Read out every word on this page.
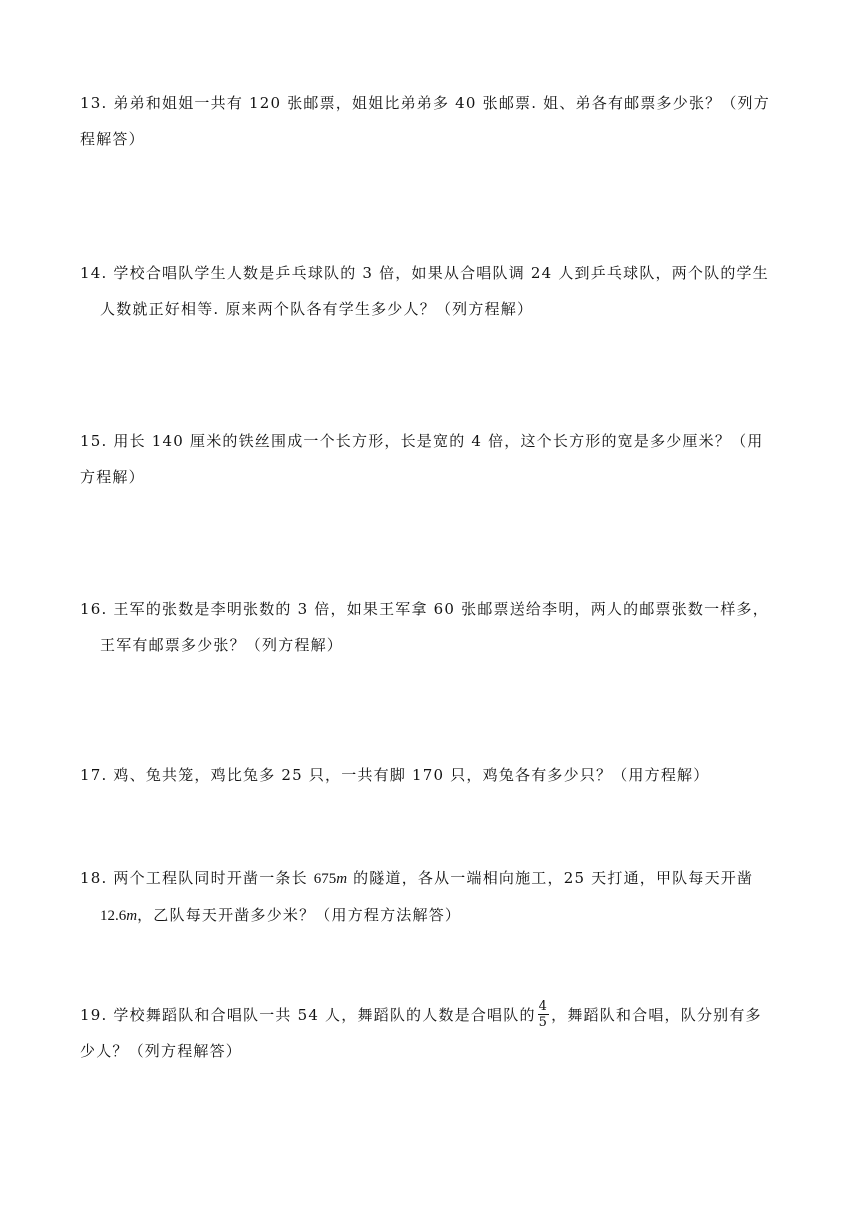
13. 弟弟和姐姐一共有 120 张邮票，姐姐比弟弟多 40 张邮票. 姐、弟各有邮票多少张？（列方
程解答）
14. 学校合唱队学生人数是乒乓球队的 3 倍，如果从合唱队调 24 人到乒乓球队，两个队的学生
人数就正好相等. 原来两个队各有学生多少人？（列方程解）
15. 用长 140 厘米的铁丝围成一个长方形，长是宽的 4 倍，这个长方形的宽是多少厘米？（用
方程解）
16. 王军的张数是李明张数的 3 倍，如果王军拿 60 张邮票送给李明，两人的邮票张数一样多，
王军有邮票多少张？（列方程解）
17. 鸡、兔共笼，鸡比兔多 25 只，一共有脚 170 只，鸡兔各有多少只？（用方程解）
18. 两个工程队同时开凿一条长 675m 的隧道，各从一端相向施工，25 天打通，甲队每天开凿
12.6m，乙队每天开凿多少米？（用方程方法解答）
19. 学校舞蹈队和合唱队一共 54 人，舞蹈队的人数是合唱队的 $\frac{4}{5}$ ，舞蹈队和合唱，队分别有多
少人？（列方程解答）
